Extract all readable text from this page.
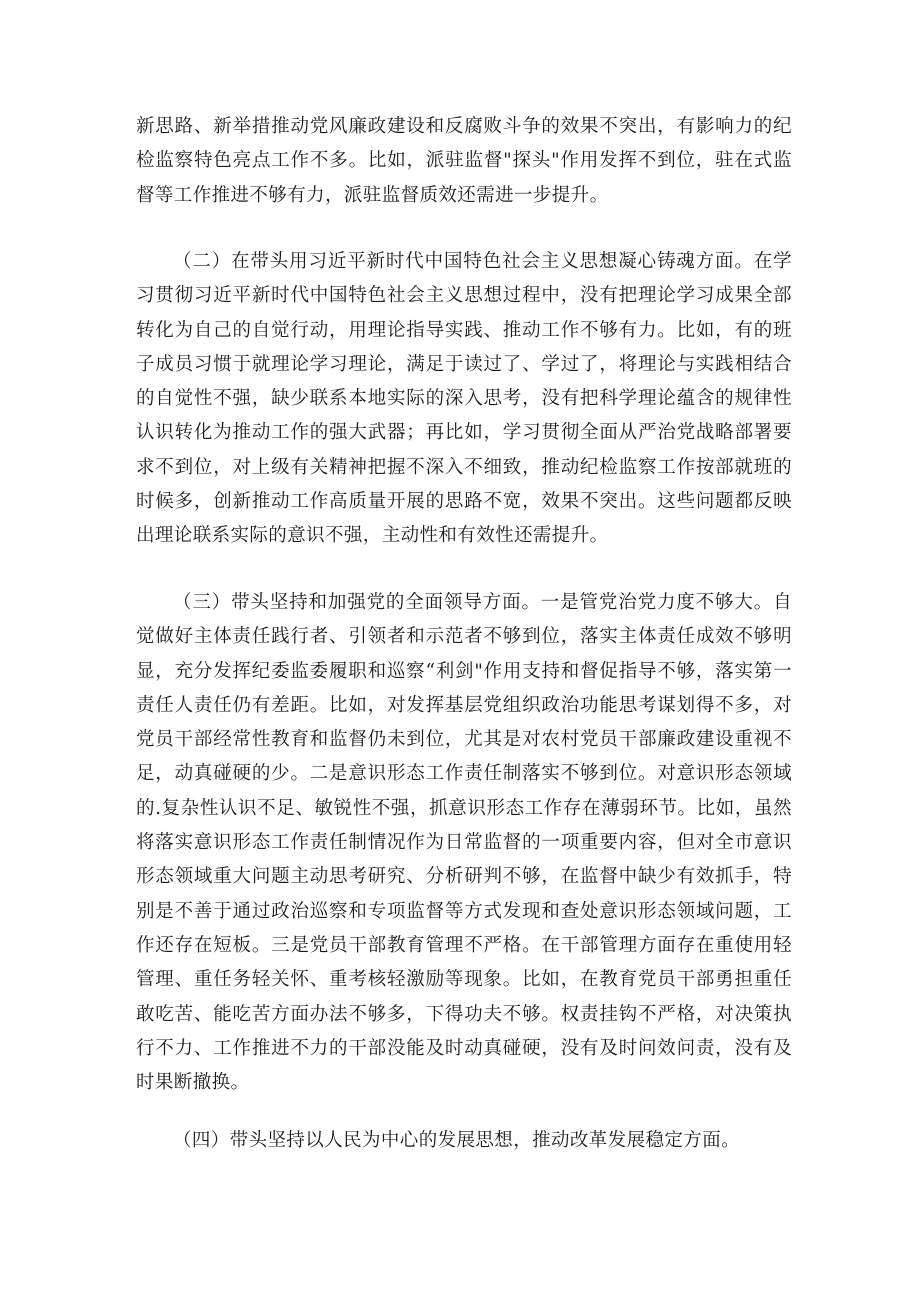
新思路、新举措推动党风廉政建设和反腐败斗争的效果不突出，有影响力的纪检监察特色亮点工作不多。比如，派驻监督"探头"作用发挥不到位，驻在式监督等工作推进不够有力，派驻监督质效还需进一步提升。

（二）在带头用习近平新时代中国特色社会主义思想凝心铸魂方面。在学习贯彻习近平新时代中国特色社会主义思想过程中，没有把理论学习成果全部转化为自己的自觉行动，用理论指导实践、推动工作不够有力。比如，有的班子成员习惯于就理论学习理论，满足于读过了、学过了，将理论与实践相结合的自觉性不强，缺少联系本地实际的深入思考，没有把科学理论蕴含的规律性认识转化为推动工作的强大武器；再比如，学习贯彻全面从严治党战略部署要求不到位，对上级有关精神把握不深入不细致，推动纪检监察工作按部就班的时候多，创新推动工作高质量开展的思路不宽，效果不突出。这些问题都反映出理论联系实际的意识不强，主动性和有效性还需提升。

（三）带头坚持和加强党的全面领导方面。一是管党治党力度不够大。自觉做好主体责任践行者、引领者和示范者不够到位，落实主体责任成效不够明显，充分发挥纪委监委履职和巡察“利剑"作用支持和督促指导不够，落实第一责任人责任仍有差距。比如，对发挥基层党组织政治功能思考谋划得不多，对党员干部经常性教育和监督仍未到位，尤其是对农村党员干部廉政建设重视不足，动真碰硬的少。二是意识形态工作责任制落实不够到位。对意识形态领域的.复杂性认识不足、敏锐性不强，抓意识形态工作存在薄弱环节。比如，虽然将落实意识形态工作责任制情况作为日常监督的一项重要内容，但对全市意识形态领域重大问题主动思考研究、分析研判不够，在监督中缺少有效抓手，特别是不善于通过政治巡察和专项监督等方式发现和查处意识形态领域问题，工作还存在短板。三是党员干部教育管理不严格。在干部管理方面存在重使用轻管理、重任务轻关怀、重考核轻激励等现象。比如，在教育党员干部勇担重任敢吃苦、能吃苦方面办法不够多，下得功夫不够。权责挂钩不严格，对决策执行不力、工作推进不力的干部没能及时动真碰硬，没有及时问效问责，没有及时果断撤换。

（四）带头坚持以人民为中心的发展思想，推动改革发展稳定方面。
